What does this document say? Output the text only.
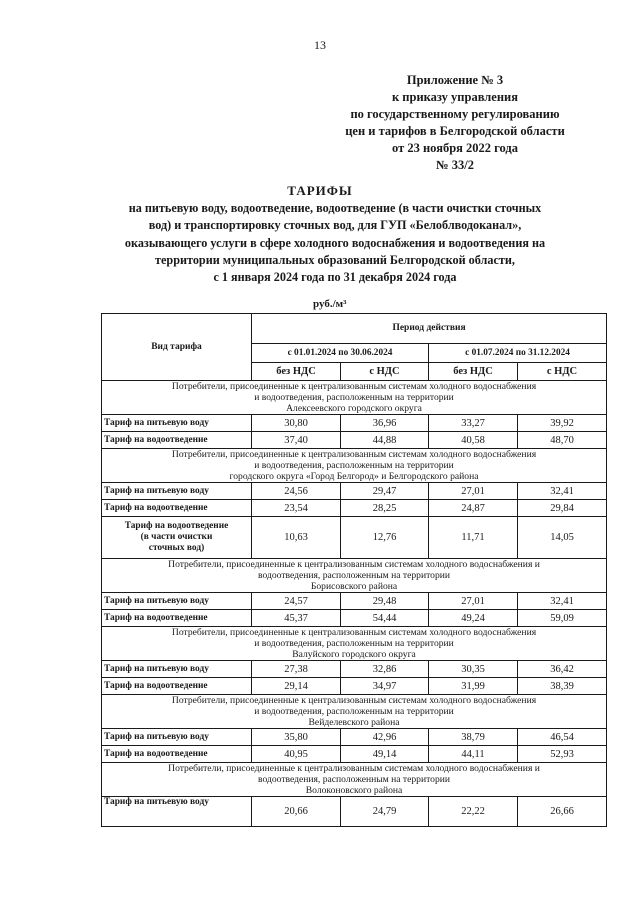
13
Приложение № 3
к приказу управления
по государственному регулированию
цен и тарифов в Белгородской области
от 23 ноября 2022 года
№ 33/2
ТАРИФЫ
на питьевую воду, водоотведение, водоотведение (в части очистки сточных
вод) и транспортировку сточных вод, для ГУП «Белоблводоканал»,
оказывающего услуги в сфере холодного водоснабжения и водоотведения на
территории муниципальных образований Белгородской области,
с 1 января 2024 года по 31 декабря 2024 года
руб./м³
Вид тарифа	Период действия			
	с 01.01.2024 по 30.06.2024		с 01.07.2024 по 31.12.2024	
	без НДС	с НДС	без НДС	с НДС

Потребители, присоединенные к централизованным системам холодного водоснабжения
и водоотведения, расположенным на территории
Алексеевского городского округа				

Тариф на питьевую воду	30,80	36,96	33,27	39,92

Тариф на водоотведение	37,40	44,88	40,58	48,70

Потребители, присоединенные к централизованным системам холодного водоснабжения
и водоотведения, расположенным на территории
городского округа «Город Белгород» и Белгородского района				

Тариф на питьевую воду	24,56	29,47	27,01	32,41

Тариф на водоотведение	23,54	28,25	24,87	29,84

Тариф на водоотведение
(в части очистки
сточных вод)	10,63	12,76	11,71	14,05

Потребители, присоединенные к централизованным системам холодного водоснабжения и
водоотведения, расположенным на территории
Борисовского района				

Тариф на питьевую воду	24,57	29,48	27,01	32,41

Тариф на водоотведение	45,37	54,44	49,24	59,09

Потребители, присоединенные к централизованным системам холодного водоснабжения
и водоотведения, расположенным на территории
Валуйского городского округа				

Тариф на питьевую воду	27,38	32,86	30,35	36,42

Тариф на водоотведение	29,14	34,97	31,99	38,39

Потребители, присоединенные к централизованным системам холодного водоснабжения
и водоотведения, расположенным на территории
Вейделевского района				

Тариф на питьевую воду	35,80	42,96	38,79	46,54

Тариф на водоотведение	40,95	49,14	44,11	52,93

Потребители, присоединенные к централизованным системам холодного водоснабжения и
водоотведения, расположенным на территории
Волоконовского района				

Тариф на питьевую воду	20,66	24,79	22,22	26,66
